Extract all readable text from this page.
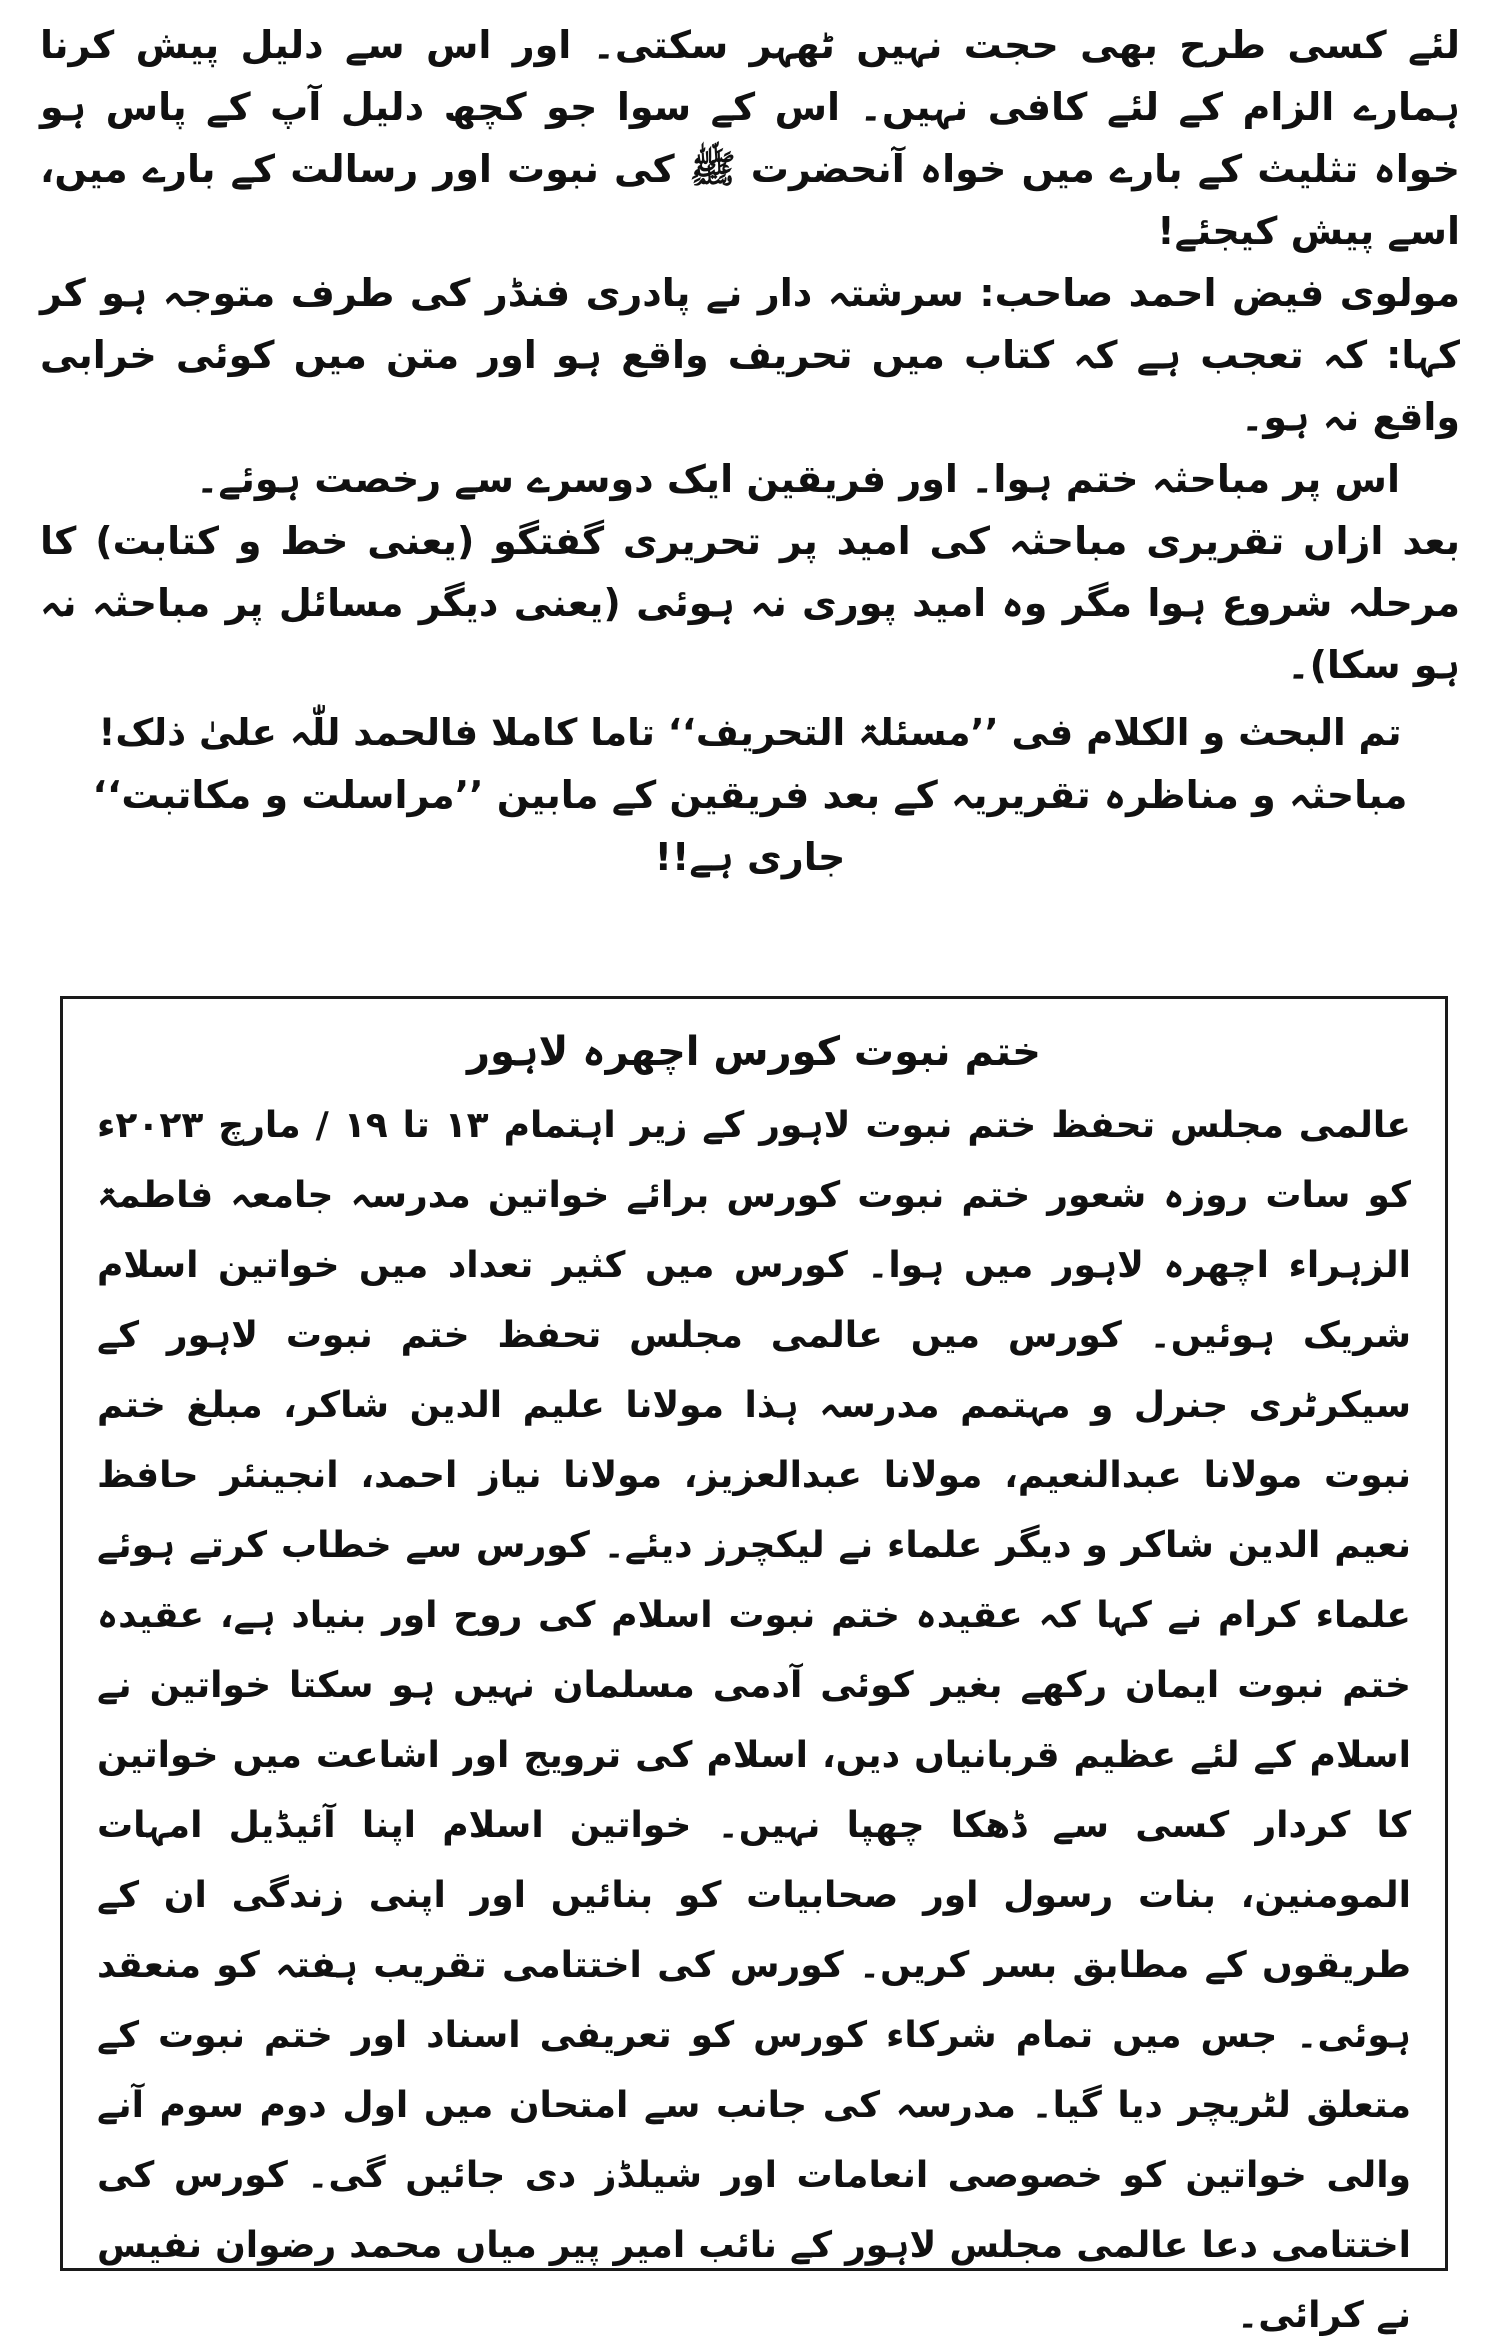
لئے کسی طرح بھی حجت نہیں ٹھہر سکتی۔ اور اس سے دلیل پیش کرنا ہمارے الزام کے لئے کافی نہیں۔ اس کے سوا جو کچھ دلیل آپ کے پاس ہو خواہ تثلیث کے بارے میں خواہ آنحضرت ﷺ کی نبوت اور رسالت کے بارے میں، اسے پیش کیجئے!

مولوی فیض احمد صاحب: سرشتہ دار نے پادری فنڈر کی طرف متوجہ ہو کر کہا: کہ تعجب ہے کہ کتاب میں تحریف واقع ہو اور متن میں کوئی خرابی واقع نہ ہو۔

اس پر مباحثہ ختم ہوا۔ اور فریقین ایک دوسرے سے رخصت ہوئے۔

بعد ازاں تقریری مباحثہ کی امید پر تحریری گفتگو (یعنی خط و کتابت) کا مرحلہ شروع ہوا مگر وہ امید پوری نہ ہوئی (یعنی دیگر مسائل پر مباحثہ نہ ہو سکا)۔

تم البحث و الکلام فی ’’مسئلۃ التحریف‘‘ تاما کاملا فالحمد للّٰہ علیٰ ذلک!

مباحثہ و مناظرہ تقریریہ کے بعد فریقین کے مابین ’’مراسلت و مکاتبت‘‘ جاری ہے!!

ختم نبوت کورس اچھرہ لاہور

عالمی مجلس تحفظ ختم نبوت لاہور کے زیر اہتمام ۱۳ تا ۱۹ / مارچ ۲۰۲۳ء کو سات روزہ شعور ختم نبوت کورس برائے خواتین مدرسہ جامعہ فاطمۃ الزہراء اچھرہ لاہور میں ہوا۔ کورس میں کثیر تعداد میں خواتین اسلام شریک ہوئیں۔ کورس میں عالمی مجلس تحفظ ختم نبوت لاہور کے سیکرٹری جنرل و مہتمم مدرسہ ہذا مولانا علیم الدین شاکر، مبلغ ختم نبوت مولانا عبدالنعیم، مولانا عبدالعزیز، مولانا نیاز احمد، انجینئر حافظ نعیم الدین شاکر و دیگر علماء نے لیکچرز دیئے۔ کورس سے خطاب کرتے ہوئے علماء کرام نے کہا کہ عقیدہ ختم نبوت اسلام کی روح اور بنیاد ہے، عقیدہ ختم نبوت ایمان رکھے بغیر کوئی آدمی مسلمان نہیں ہو سکتا خواتین نے اسلام کے لئے عظیم قربانیاں دیں، اسلام کی ترویج اور اشاعت میں خواتین کا کردار کسی سے ڈھکا چھپا نہیں۔ خواتین اسلام اپنا آئیڈیل امہات المومنین، بنات رسول اور صحابیات کو بنائیں اور اپنی زندگی ان کے طریقوں کے مطابق بسر کریں۔ کورس کی اختتامی تقریب ہفتہ کو منعقد ہوئی۔ جس میں تمام شرکاء کورس کو تعریفی اسناد اور ختم نبوت کے متعلق لٹریچر دیا گیا۔ مدرسہ کی جانب سے امتحان میں اول دوم سوم آنے والی خواتین کو خصوصی انعامات اور شیلڈز دی جائیں گی۔ کورس کی اختتامی دعا عالمی مجلس لاہور کے نائب امیر پیر میاں محمد رضوان نفیس نے کرائی۔
